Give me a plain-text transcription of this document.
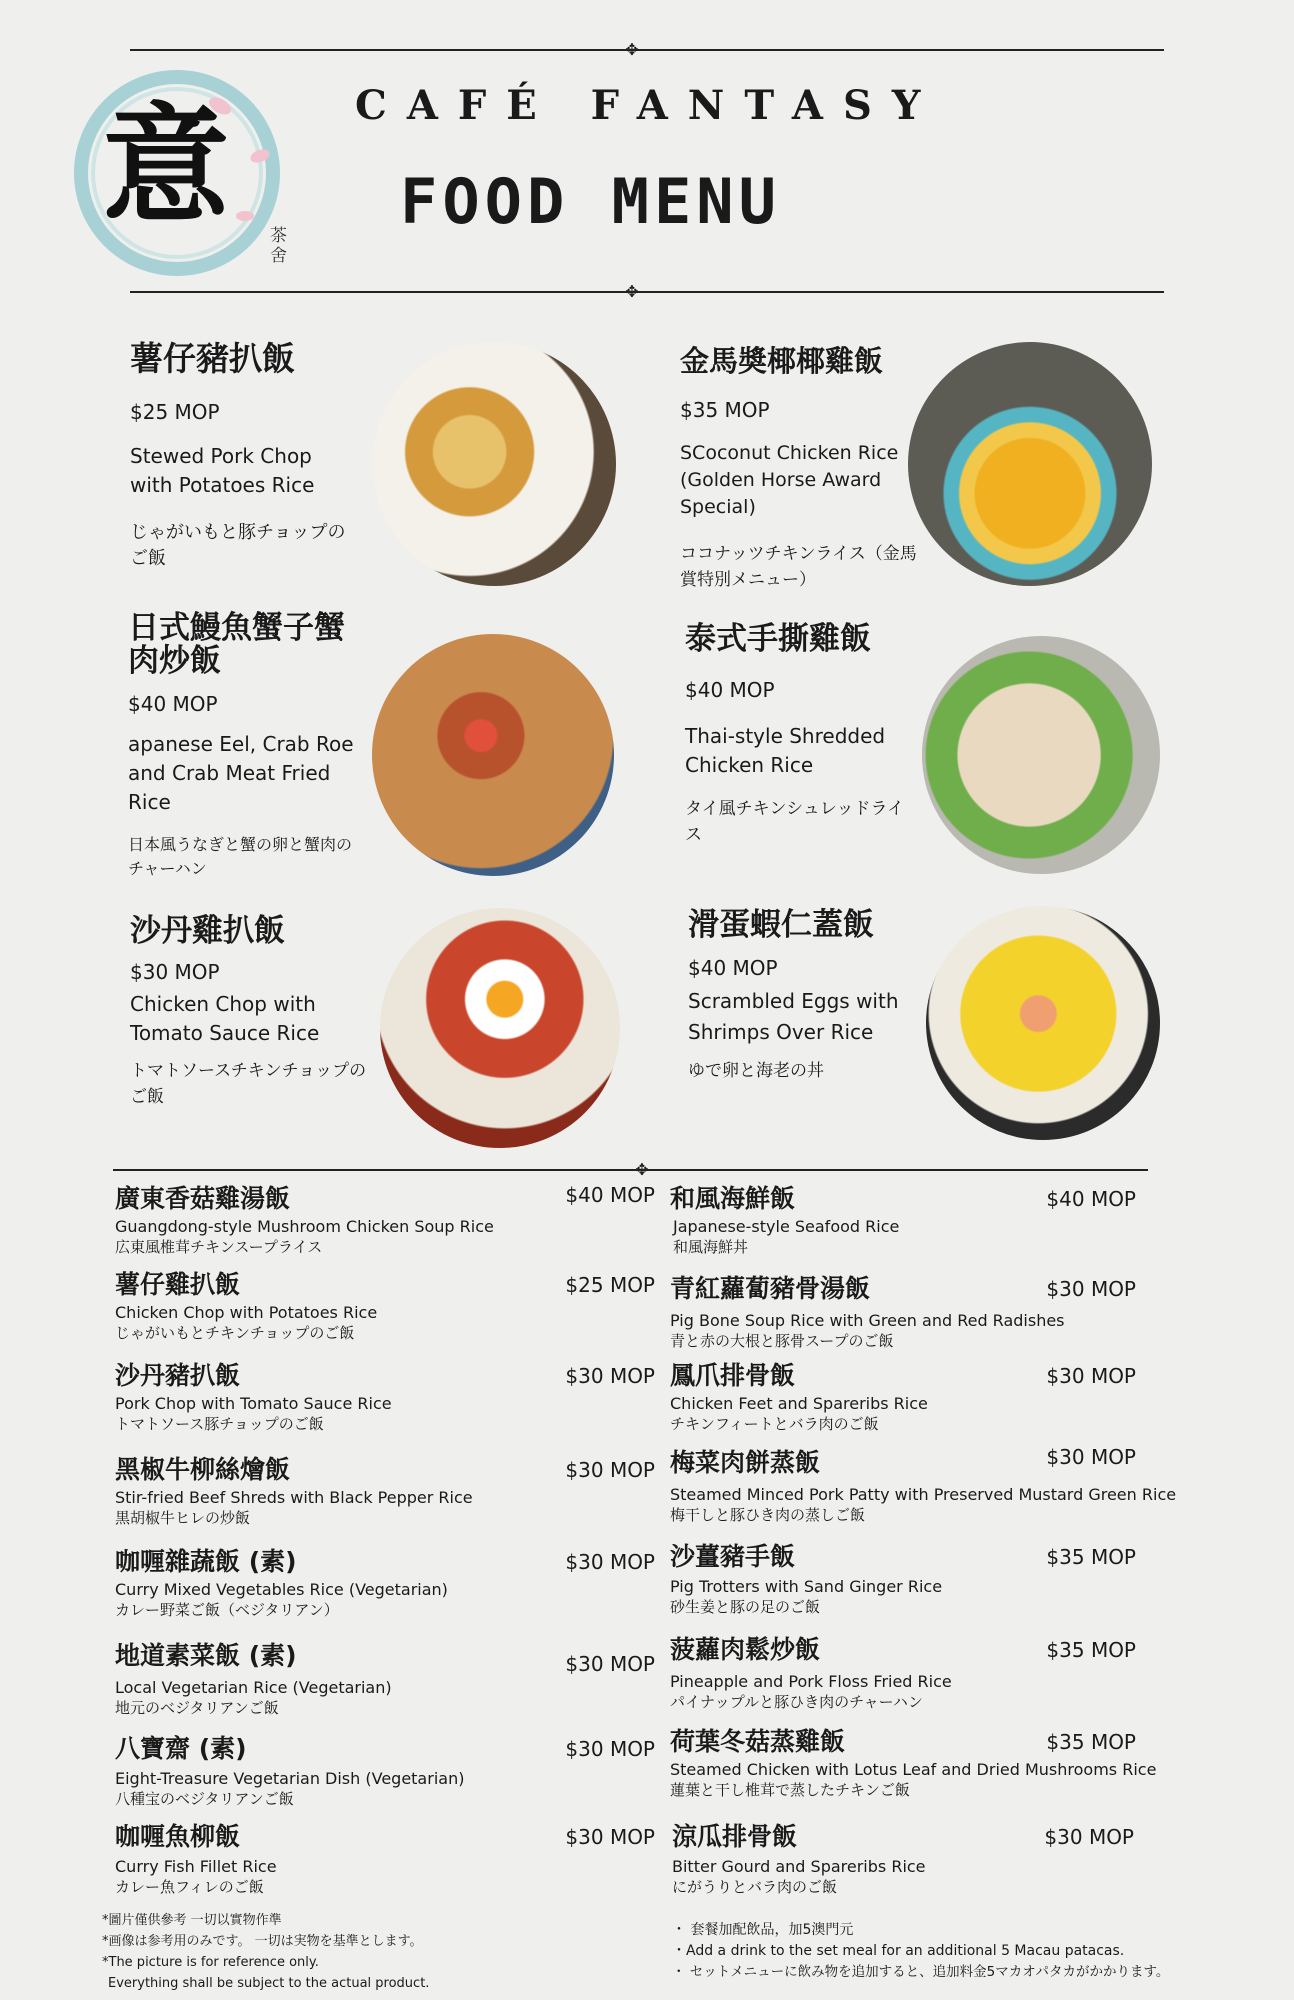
✥
✥
意 茶舍
CAFÉ FANTASY
FOOD MENU
薯仔豬扒飯
$25 MOP
Stewed Pork Chop with Potatoes Rice
じゃがいもと豚チョップのご飯
金馬奬椰椰雞飯
$35 MOP
SCoconut Chicken Rice (Golden Horse Award Special)
ココナッツチキンライス（金馬賞特別メニュー）
日式鰻魚蟹子蟹肉炒飯
$40 MOP
apanese Eel, Crab Roe and Crab Meat Fried Rice
日本風うなぎと蟹の卵と蟹肉のチャーハン
泰式手撕雞飯
$40 MOP
Thai-style Shredded Chicken Rice
タイ風チキンシュレッドライス
沙丹雞扒飯
$30 MOP
Chicken Chop with Tomato Sauce Rice
トマトソースチキンチョップのご飯
滑蛋蝦仁蓋飯
$40 MOP
Scrambled Eggs with Shrimps Over Rice
ゆで卵と海老の丼
✥
廣東香菇雞湯飯	$40 MOP
Guangdong-style Mushroom Chicken Soup Rice
広東風椎茸チキンスープライス
薯仔雞扒飯	$25 MOP
Chicken Chop with Potatoes Rice
じゃがいもとチキンチョップのご飯
沙丹豬扒飯	$30 MOP
Pork Chop with Tomato Sauce Rice
トマトソース豚チョップのご飯
黑椒牛柳絲燴飯	$30 MOP
Stir-fried Beef Shreds with Black Pepper Rice
黒胡椒牛ヒレの炒飯
咖喱雜蔬飯 (素)	$30 MOP
Curry Mixed Vegetables Rice (Vegetarian)
カレー野菜ご飯（ベジタリアン）
地道素菜飯 (素)	$30 MOP
Local Vegetarian Rice (Vegetarian)
地元のベジタリアンご飯
八寶齋 (素)	$30 MOP
Eight-Treasure Vegetarian Dish (Vegetarian)
八種宝のベジタリアンご飯
咖喱魚柳飯	$30 MOP
Curry Fish Fillet Rice
カレー魚フィレのご飯
和風海鮮飯	$40 MOP
Japanese-style Seafood Rice
和風海鮮丼
青紅蘿蔔豬骨湯飯	$30 MOP
Pig Bone Soup Rice with Green and Red Radishes
青と赤の大根と豚骨スープのご飯
鳳爪排骨飯	$30 MOP
Chicken Feet and Spareribs Rice
チキンフィートとバラ肉のご飯
梅菜肉餅蒸飯	$30 MOP
Steamed Minced Pork Patty with Preserved Mustard Green Rice
梅干しと豚ひき肉の蒸しご飯
沙薑豬手飯	$35 MOP
Pig Trotters with Sand Ginger Rice
砂生姜と豚の足のご飯
菠蘿肉鬆炒飯	$35 MOP
Pineapple and Pork Floss Fried Rice
パイナップルと豚ひき肉のチャーハン
荷葉冬菇蒸雞飯	$35 MOP
Steamed Chicken with Lotus Leaf and Dried Mushrooms Rice
蓮葉と干し椎茸で蒸したチキンご飯
涼瓜排骨飯	$30 MOP
Bitter Gourd and Spareribs Rice
にがうりとバラ肉のご飯
*圖片僅供參考 一切以實物作準
*画像は参考用のみです。 一切は実物を基準とします。
*The picture is for reference only.
Everything shall be subject to the actual product.
・ 套餐加配飲品，加5澳門元
・Add a drink to the set meal for an additional 5 Macau patacas.
・ セットメニューに飲み物を追加すると、追加料金5マカオパタカがかかります。
